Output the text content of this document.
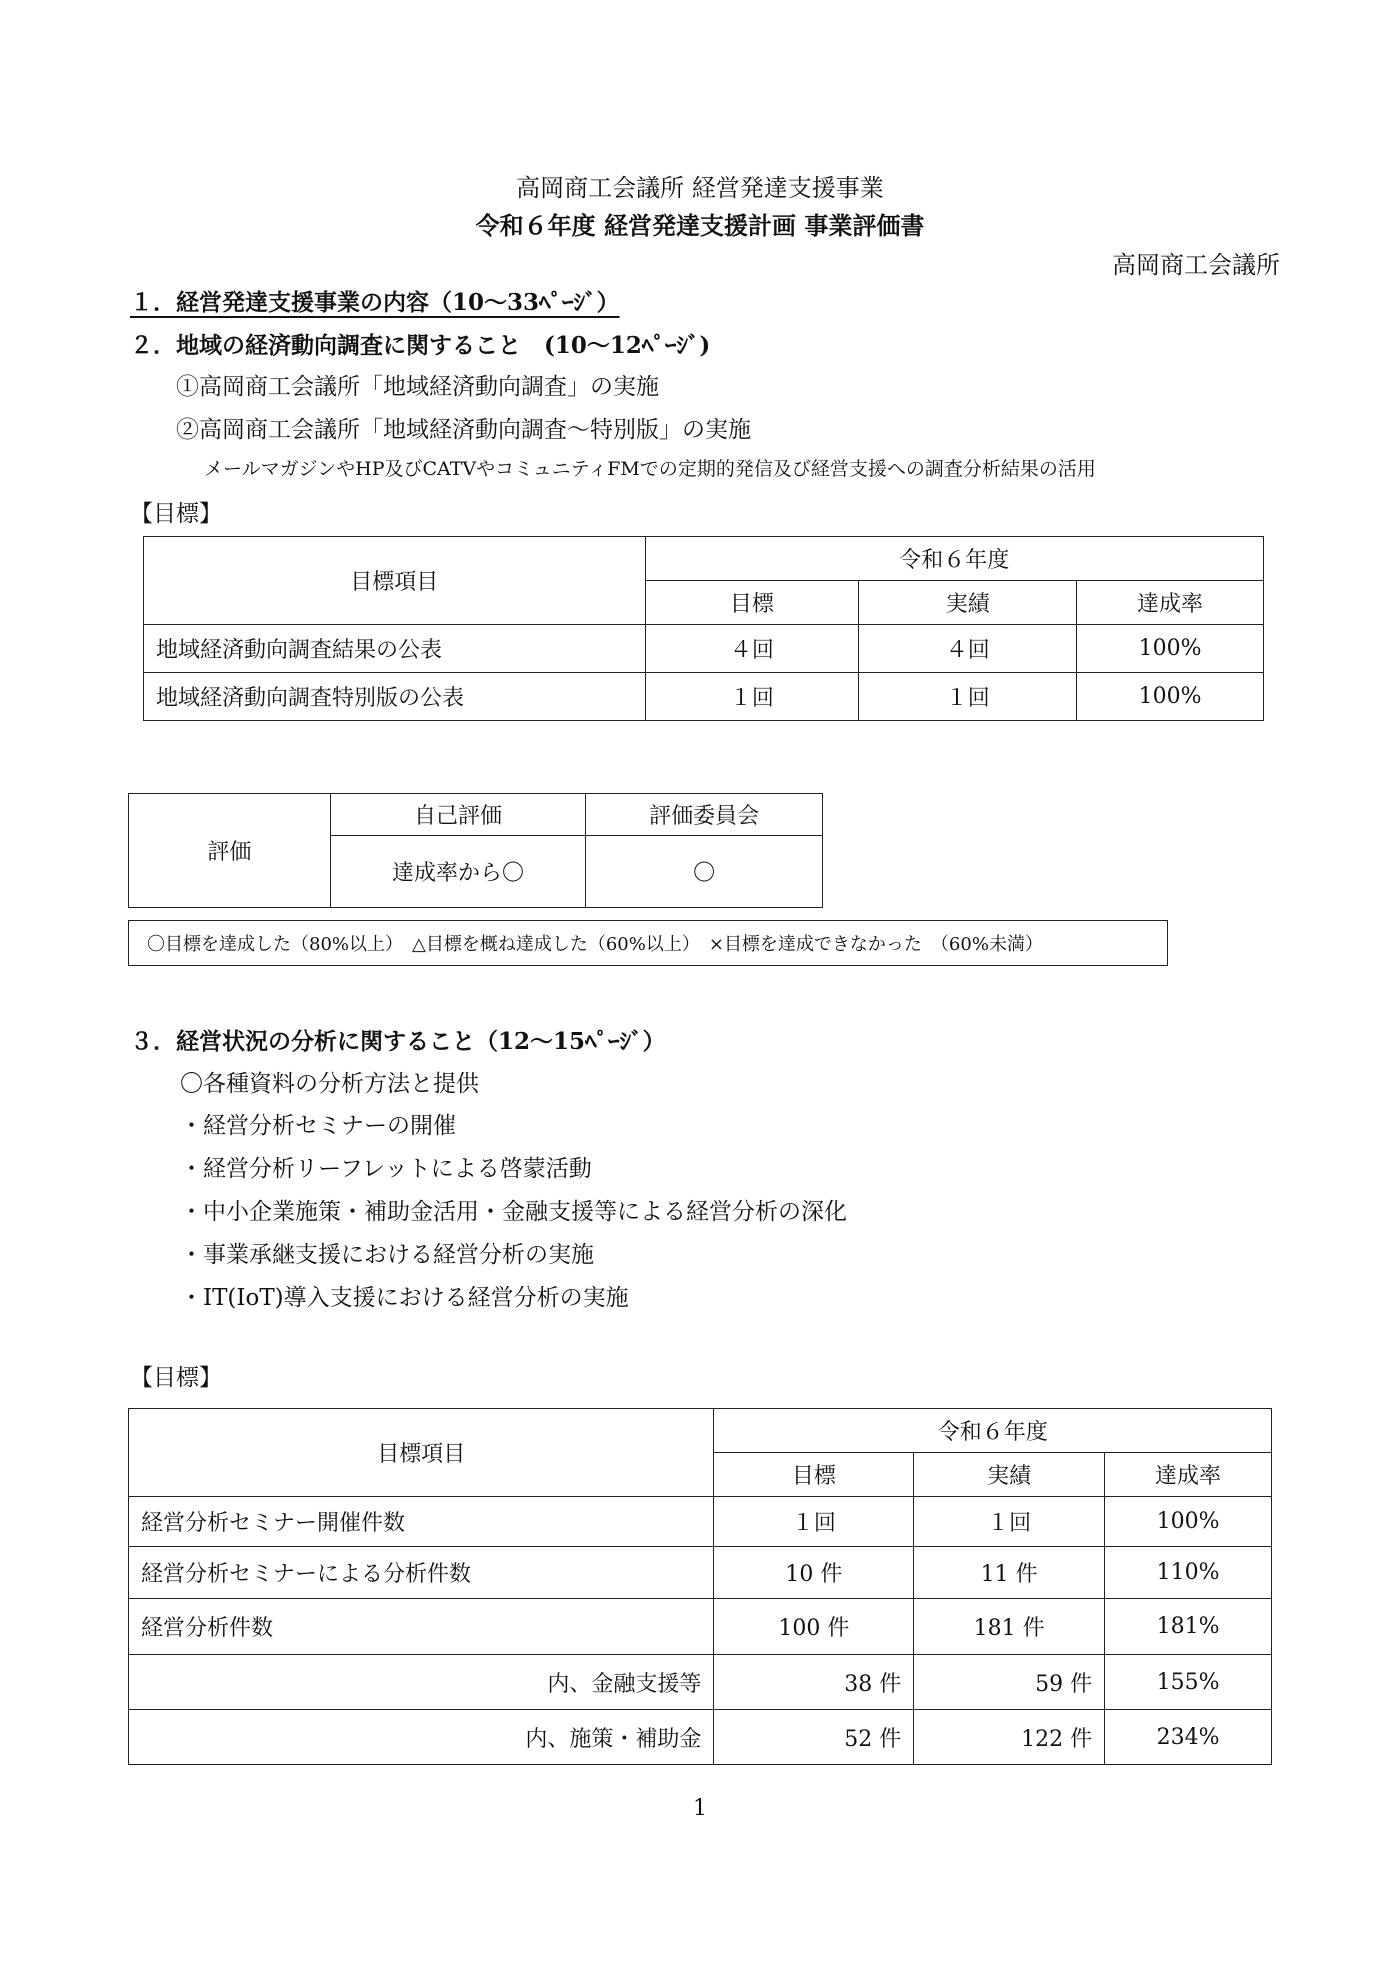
高岡商工会議所 経営発達支援事業
令和６年度 経営発達支援計画 事業評価書
高岡商工会議所
１．経営発達支援事業の内容（10〜33ﾍﾟｰｼﾞ）
２．地域の経済動向調査に関すること　(10〜12ﾍﾟｰｼﾞ)
①高岡商工会議所「地域経済動向調査」の実施
②高岡商工会議所「地域経済動向調査〜特別版」の実施
メールマガジンやHP及びCATVやコミュニティFMでの定期的発信及び経営支援への調査分析結果の活用
【目標】
目標項目	令和６年度		
	目標	実績	達成率
地域経済動向調査結果の公表	４回	４回	100%
地域経済動向調査特別版の公表	１回	１回	100%
評価	自己評価	評価委員会
	達成率から〇	〇
〇目標を達成した（80%以上）　△目標を概ね達成した（60%以上）　×目標を達成できなかった　（60%未満）
３．経営状況の分析に関すること（12〜15ﾍﾟｰｼﾞ）
〇各種資料の分析方法と提供
・経営分析セミナーの開催
・経営分析リーフレットによる啓蒙活動
・中小企業施策・補助金活用・金融支援等による経営分析の深化
・事業承継支援における経営分析の実施
・IT(IoT)導入支援における経営分析の実施
【目標】
目標項目	令和６年度		
	目標	実績	達成率
経営分析セミナー開催件数	１回	１回	100%
経営分析セミナーによる分析件数	10 件	11 件	110%
経営分析件数	100 件	181 件	181%
内、金融支援等	38 件	59 件	155%
内、施策・補助金	52 件	122 件	234%
1
